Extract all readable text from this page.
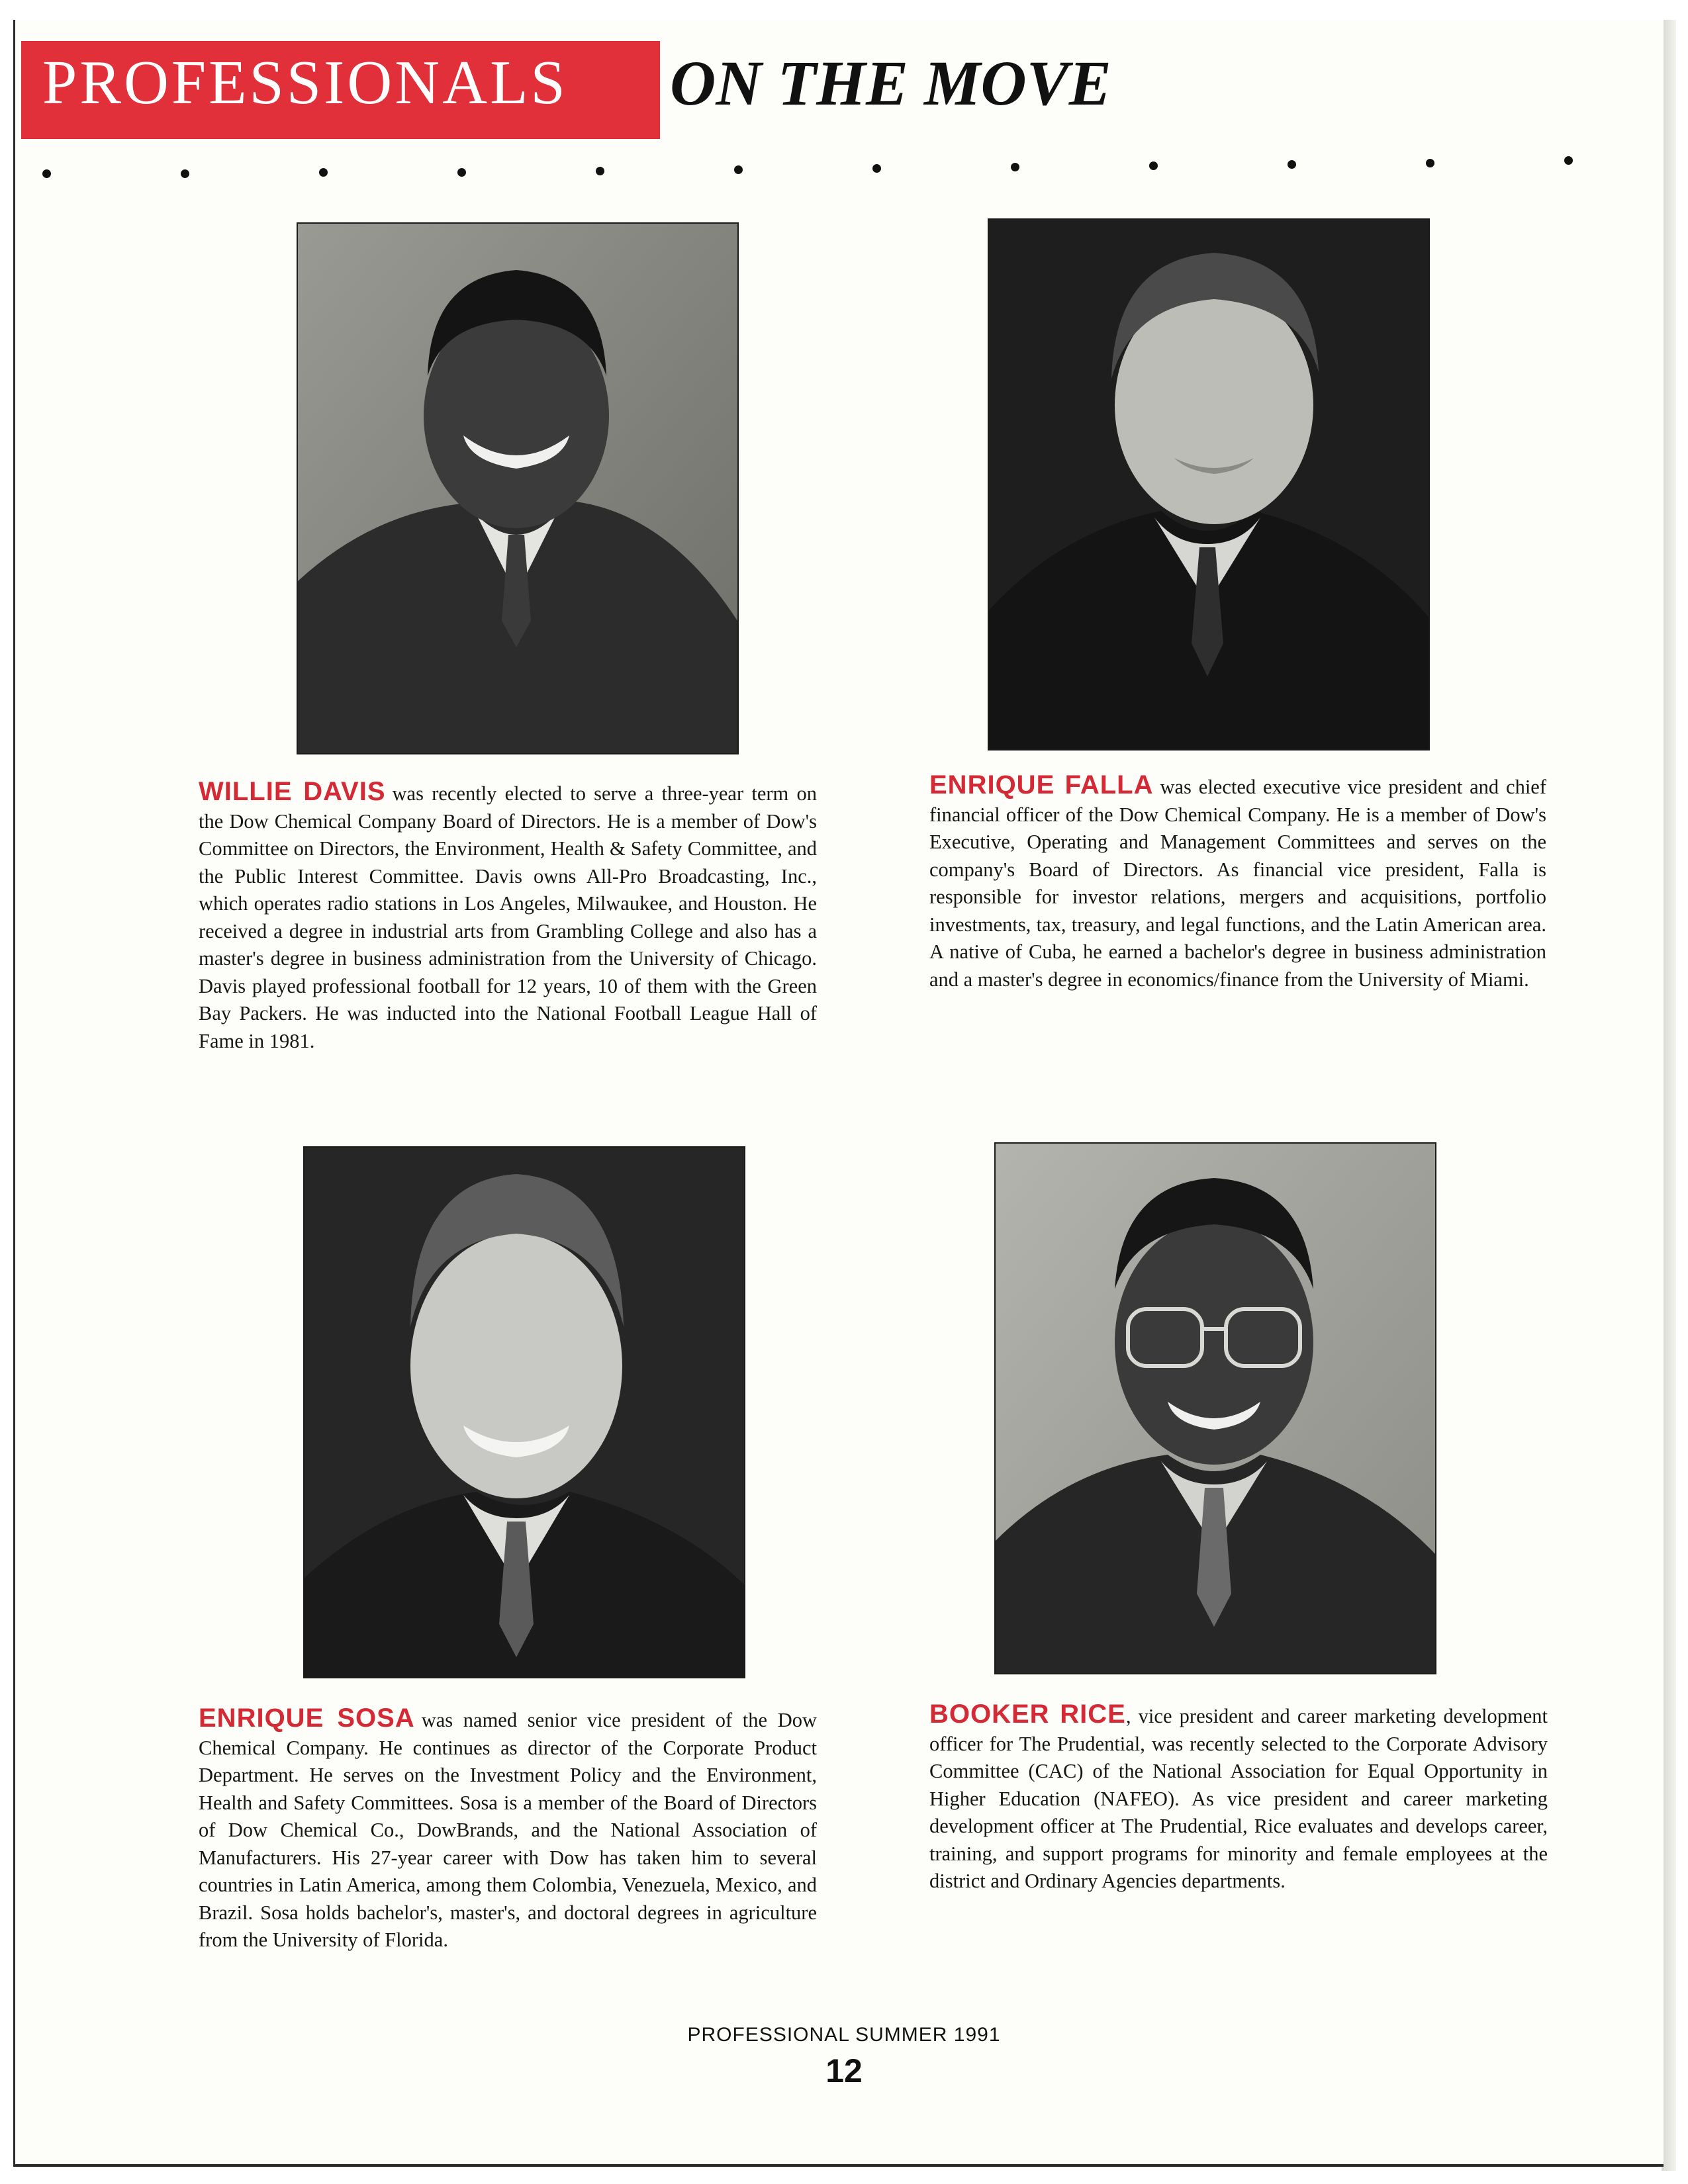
PROFESSIONALS ON THE MOVE
WILLIE DAVIS was recently elected to serve a three-year term on the Dow Chemical Company Board of Directors. He is a member of Dow's Committee on Directors, the Environment, Health & Safety Committee, and the Public Interest Committee. Davis owns All-Pro Broadcasting, Inc., which operates radio stations in Los Angeles, Milwaukee, and Houston. He received a degree in industrial arts from Grambling College and also has a master's degree in business administration from the University of Chicago. Davis played professional football for 12 years, 10 of them with the Green Bay Packers. He was inducted into the National Football League Hall of Fame in 1981.
ENRIQUE FALLA was elected executive vice president and chief financial officer of the Dow Chemical Company. He is a member of Dow's Executive, Operating and Management Committees and serves on the company's Board of Directors. As financial vice president, Falla is responsible for investor relations, mergers and acquisitions, portfolio investments, tax, treasury, and legal functions, and the Latin American area. A native of Cuba, he earned a bachelor's degree in business administration and a master's degree in economics/finance from the University of Miami.
ENRIQUE SOSA was named senior vice president of the Dow Chemical Company. He continues as director of the Corporate Product Department. He serves on the Investment Policy and the Environment, Health and Safety Committees. Sosa is a member of the Board of Directors of Dow Chemical Co., DowBrands, and the National Association of Manufacturers. His 27-year career with Dow has taken him to several countries in Latin America, among them Colombia, Venezuela, Mexico, and Brazil. Sosa holds bachelor's, master's, and doctoral degrees in agriculture from the University of Florida.
BOOKER RICE, vice president and career marketing development officer for The Prudential, was recently selected to the Corporate Advisory Committee (CAC) of the National Association for Equal Opportunity in Higher Education (NAFEO). As vice president and career marketing development officer at The Prudential, Rice evaluates and develops career, training, and support programs for minority and female employees at the district and Ordinary Agencies departments.
PROFESSIONAL SUMMER 1991
12
